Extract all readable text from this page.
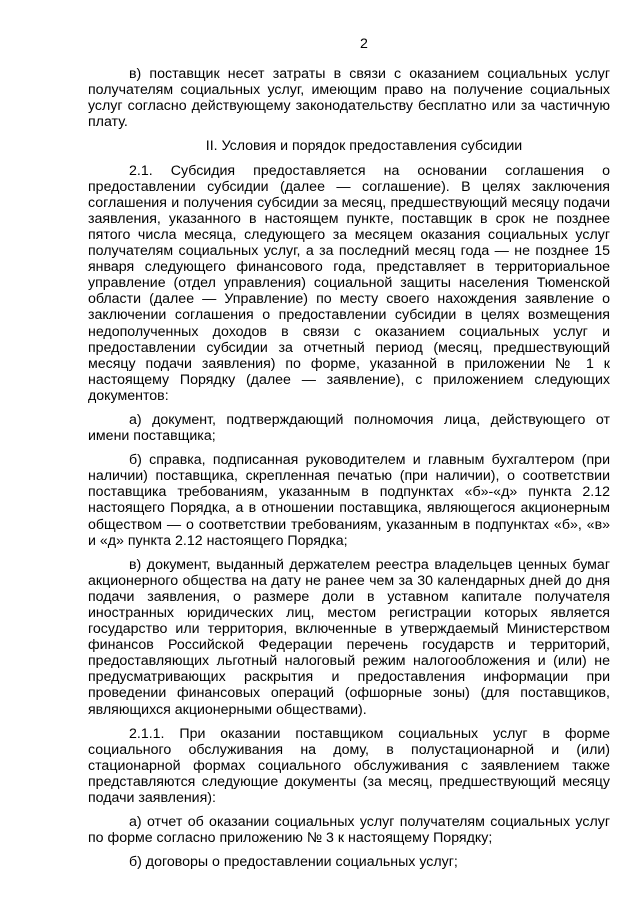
2

в) поставщик несет затраты в связи с оказанием социальных услуг получателям социальных услуг, имеющим право на получение социальных услуг согласно действующему законодательству бесплатно или за частичную плату.

II. Условия и порядок предоставления субсидии

2.1. Субсидия предоставляется на основании соглашения о предоставлении субсидии (далее — соглашение). В целях заключения соглашения и получения субсидии за месяц, предшествующий месяцу подачи заявления, указанного в настоящем пункте, поставщик в срок не позднее пятого числа месяца, следующего за месяцем оказания социальных услуг получателям социальных услуг, а за последний месяц года — не позднее 15 января следующего финансового года, представляет в территориальное управление (отдел управления) социальной защиты населения Тюменской области (далее — Управление) по месту своего нахождения заявление о заключении соглашения о предоставлении субсидии в целях возмещения недополученных доходов в связи с оказанием социальных услуг и предоставлении субсидии за отчетный период (месяц, предшествующий месяцу подачи заявления) по форме, указанной в приложении № 1 к настоящему Порядку (далее — заявление), с приложением следующих документов:

а) документ, подтверждающий полномочия лица, действующего от имени поставщика;

б) справка, подписанная руководителем и главным бухгалтером (при наличии) поставщика, скрепленная печатью (при наличии), о соответствии поставщика требованиям, указанным в подпунктах «б»-«д» пункта 2.12 настоящего Порядка, а в отношении поставщика, являющегося акционерным обществом — о соответствии требованиям, указанным в подпунктах «б», «в» и «д» пункта 2.12 настоящего Порядка;

в) документ, выданный держателем реестра владельцев ценных бумаг акционерного общества на дату не ранее чем за 30 календарных дней до дня подачи заявления, о размере доли в уставном капитале получателя иностранных юридических лиц, местом регистрации которых является государство или территория, включенные в утверждаемый Министерством финансов Российской Федерации перечень государств и территорий, предоставляющих льготный налоговый режим налогообложения и (или) не предусматривающих раскрытия и предоставления информации при проведении финансовых операций (офшорные зоны) (для поставщиков, являющихся акционерными обществами).

2.1.1. При оказании поставщиком социальных услуг в форме социального обслуживания на дому, в полустационарной и (или) стационарной формах социального обслуживания с заявлением также представляются следующие документы (за месяц, предшествующий месяцу подачи заявления):

а) отчет об оказании социальных услуг получателям социальных услуг по форме согласно приложению № 3 к настоящему Порядку;

б) договоры о предоставлении социальных услуг;
